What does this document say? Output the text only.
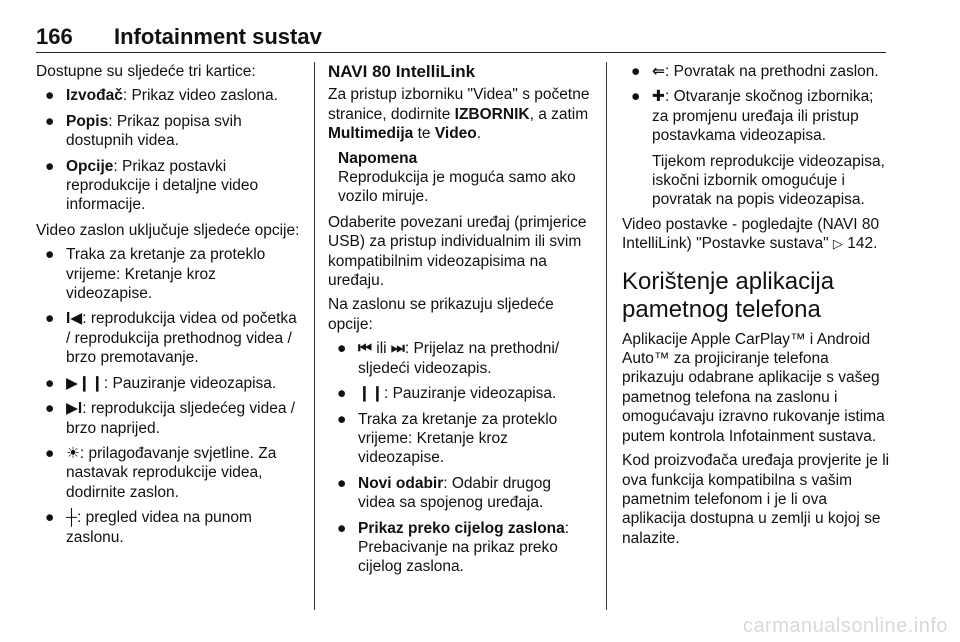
166 Infotainment sustav

Dostupne su sljedeće tri kartice:

● Izvođač: Prikaz video zaslona.
● Popis: Prikaz popisa svih dostupnih videa.
● Opcije: Prikaz postavki reprodukcije i detaljne video informacije.

Video zaslon uključuje sljedeće opcije:

● Traka za kretanje za proteklo vrijeme: Kretanje kroz videozapise.
● I◀: reprodukcija videa od početka / reprodukcija prethodnog videa / brzo premotavanje.
● ▶❙❙: Pauziranje videozapisa.
● ▶I: reprodukcija sljedećeg videa / brzo naprijed.
● ☀: prilagođavanje svjetline. Za nastavak reprodukcije videa, dodirnite zaslon.
● ┼: pregled videa na punom zaslonu.
NAVI 80 IntelliLink

Za pristup izborniku "Videa" s početne stranice, dodirnite IZBORNIK, a zatim Multimedija te Video.

Napomena
Reprodukcija je moguća samo ako vozilo miruje.

Odaberite povezani uređaj (primjerice USB) za pristup individualnim ili svim kompatibilnim videozapisima na uređaju.

Na zaslonu se prikazuju sljedeće opcije:

● ⏮ ili ⏭: Prijelaz na prethodni/ sljedeći videozapis.
● ❙❙: Pauziranje videozapisa.
● Traka za kretanje za proteklo vrijeme: Kretanje kroz videozapise.
● Novi odabir: Odabir drugog videa sa spojenog uređaja.
● Prikaz preko cijelog zaslona: Prebacivanje na prikaz preko cijelog zaslona.
● ⇐: Povratak na prethodni zaslon.
● ✚: Otvaranje skočnog izbornika; za promjenu uređaja ili pristup postavkama videozapisa.

Tijekom reprodukcije videozapisa, iskočni izbornik omogućuje i povratak na popis videozapisa.

Video postavke - pogledajte (NAVI 80 IntelliLink) "Postavke sustava" ▷ 142.

Korištenje aplikacija pametnog telefona

Aplikacije Apple CarPlay™ i Android Auto™ za projiciranje telefona prikazuju odabrane aplikacije s vašeg pametnog telefona na zaslonu i omogućavaju izravno rukovanje istima putem kontrola Infotainment sustava.

Kod proizvođača uređaja provjerite je li ova funkcija kompatibilna s vašim pametnim telefonom i je li ova aplikacija dostupna u zemlji u kojoj se nalazite.

carmanualsonline.info
